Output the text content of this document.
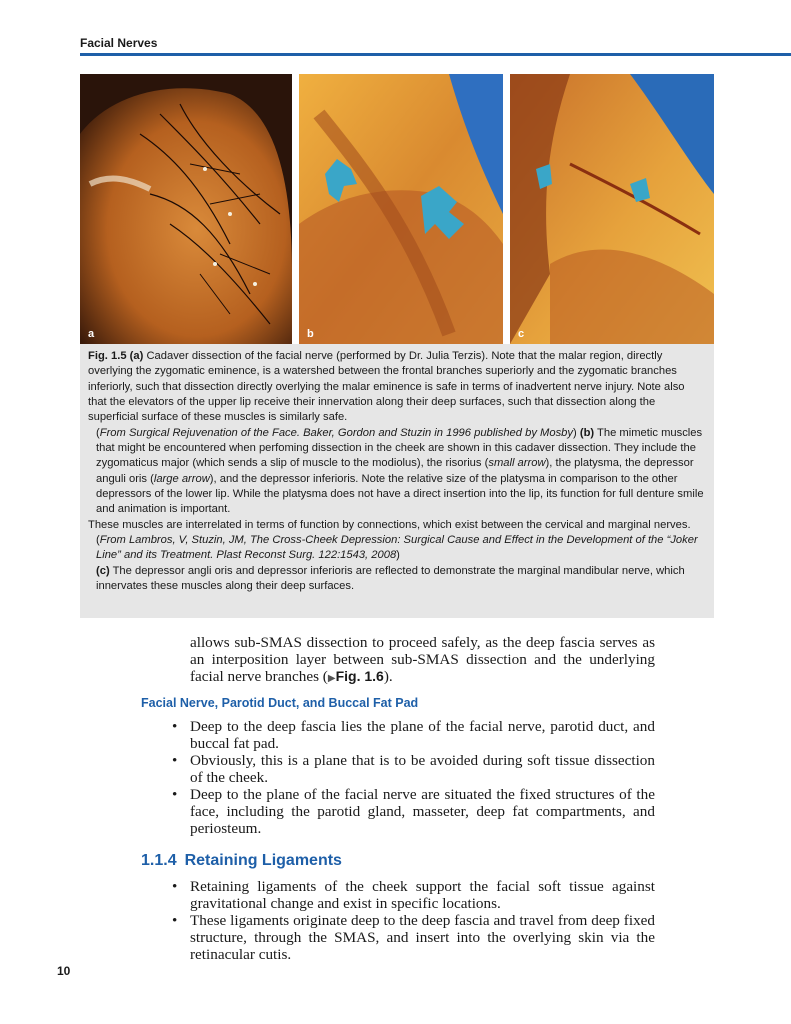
Facial Nerves
a	b	c

Fig. 1.5 (a) Cadaver dissection of the facial nerve (performed by Dr. Julia Terzis). Note that the malar region, directly overlying the zygomatic eminence, is a watershed between the frontal branches superiorly and the zygomatic branches inferiorly, such that dissection directly overlying the malar eminence is safe in terms of inadvertent nerve injury. Note also that the elevators of the upper lip receive their innervation along their deep surfaces, such that dissection along the superficial surface of these muscles is similarly safe.

(From Surgical Rejuvenation of the Face. Baker, Gordon and Stuzin in 1996 published by Mosby) (b) The mimetic muscles that might be encountered when perfoming dissection in the cheek are shown in this cadaver dissection. They include the zygomaticus major (which sends a slip of muscle to the modiolus), the risorius (small arrow), the platysma, the depressor anguli oris (large arrow), and the depressor inferioris. Note the relative size of the platysma in comparison to the other depressors of the lower lip. While the platysma does not have a direct insertion into the lip, its function for full denture smile and animation is important.

These muscles are interrelated in terms of function by connections, which exist between the cervical and marginal nerves.

(From Lambros, V, Stuzin, JM, The Cross-Cheek Depression: Surgical Cause and Effect in the Development of the “Joker Line” and its Treatment. Plast Reconst Surg. 122:1543, 2008)

(c) The depressor angli oris and depressor inferioris are reflected to demonstrate the marginal mandibular nerve, which innervates these muscles along their deep surfaces.

allows sub-SMAS dissection to proceed safely, as the deep fascia serves as an interposition layer between sub-SMAS dissection and the underlying facial nerve branches (▶Fig. 1.6).

Facial Nerve, Parotid Duct, and Buccal Fat Pad
• Deep to the deep fascia lies the plane of the facial nerve, parotid duct, and buccal fat pad.
• Obviously, this is a plane that is to be avoided during soft tissue dissection of the cheek.
• Deep to the plane of the facial nerve are situated the fixed structures of the face, including the parotid gland, masseter, deep fat compartments, and periosteum.
1.1.4 Retaining Ligaments
• Retaining ligaments of the cheek support the facial soft tissue against gravitational change and exist in specific locations.
• These ligaments originate deep to the deep fascia and travel from deep fixed structure, through the SMAS, and insert into the overlying skin via the retinacular cutis.
10
